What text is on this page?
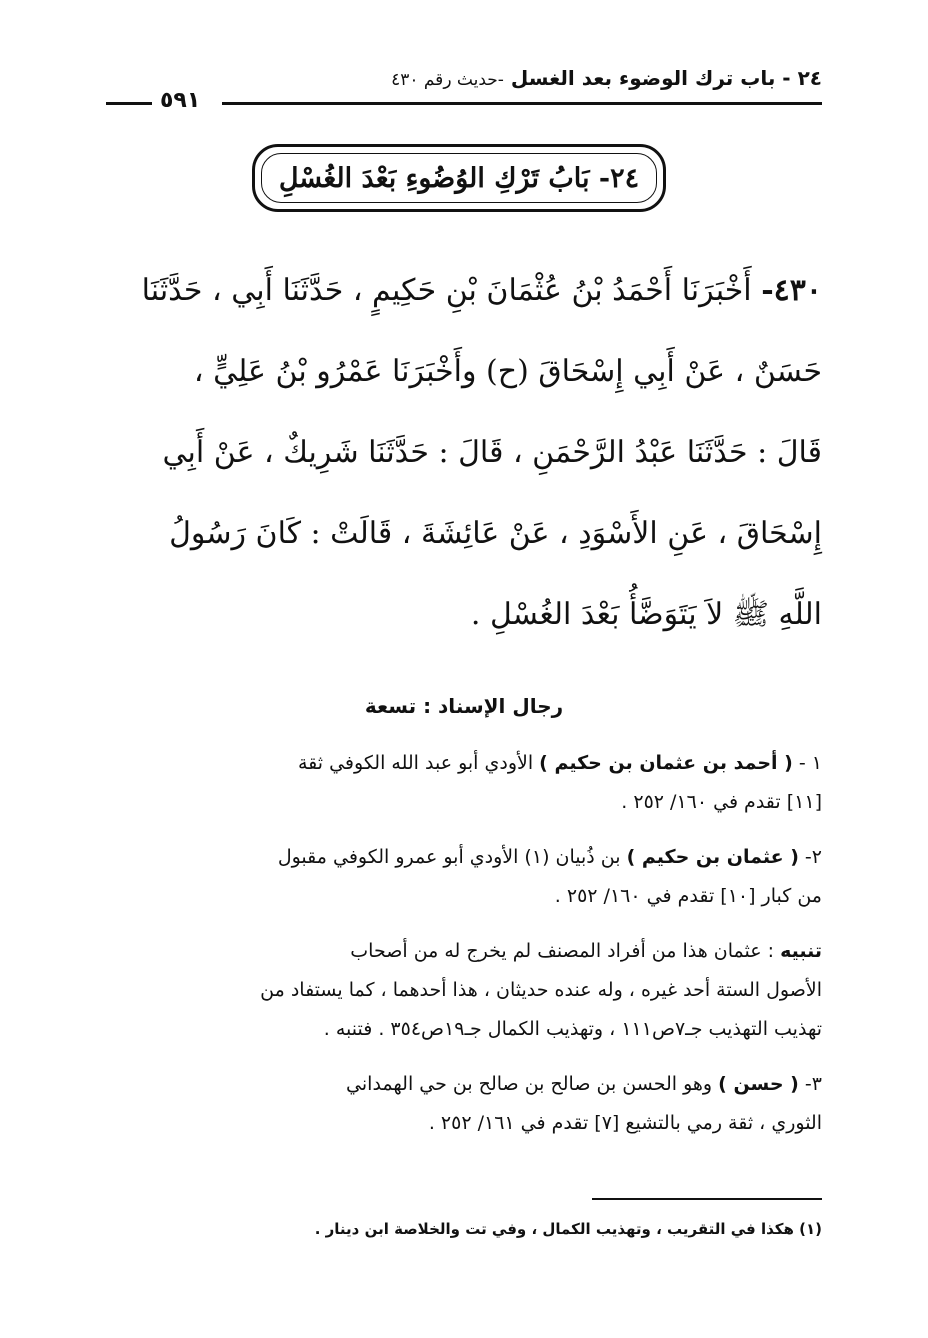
٢٤ - باب ترك الوضوء بعد الغسل -حديث رقم ٤٣٠
٥٩١
٢٤- بَابُ تَرْكِ الوُضُوءِ بَعْدَ الغُسْلِ
٤٣٠- أَخْبَرَنَا أَحْمَدُ بْنُ عُثْمَانَ بْنِ حَكِيمٍ ، حَدَّثَنَا أَبِي ، حَدَّثَنَا
حَسَنٌ ، عَنْ أَبِي إِسْحَاقَ (ح) وأَخْبَرَنَا عَمْرُو بْنُ عَلِيٍّ ،
قَالَ : حَدَّثَنَا عَبْدُ الرَّحْمَنِ ، قَالَ : حَدَّثَنَا شَرِيكٌ ، عَنْ أَبِي
إِسْحَاقَ ، عَنِ الأَسْوَدِ ، عَنْ عَائِشَةَ ، قَالَتْ : كَانَ رَسُولُ
اللَّهِ ﷺ لاَ يَتَوَضَّأُ بَعْدَ الغُسْلِ .
رجال الإسناد : تسعة
١ - ( أحمد بن عثمان بن حكيم ) الأودي أبو عبد الله الكوفي ثقة
[١١] تقدم في ١٦٠/ ٢٥٢ .
٢- ( عثمان بن حكيم ) بن ذُبيان (١) الأودي أبو عمرو الكوفي مقبول
من كبار [١٠] تقدم في ١٦٠/ ٢٥٢ .
تنبيه : عثمان هذا من أفراد المصنف لم يخرج له من أصحاب
الأصول الستة أحد غيره ، وله عنده حديثان ، هذا أحدهما ، كما يستفاد من
تهذيب التهذيب جـ٧ص١١١ ، وتهذيب الكمال جـ١٩ص٣٥٤ . فتنبه .
٣- ( حسن ) وهو الحسن بن صالح بن صالح بن حي الهمداني
الثوري ، ثقة رمي بالتشيع [٧] تقدم في ١٦١/ ٢٥٢ .
(١) هكذا في التقريب ، وتهذيب الكمال ، وفي تت والخلاصة ابن دينار .
